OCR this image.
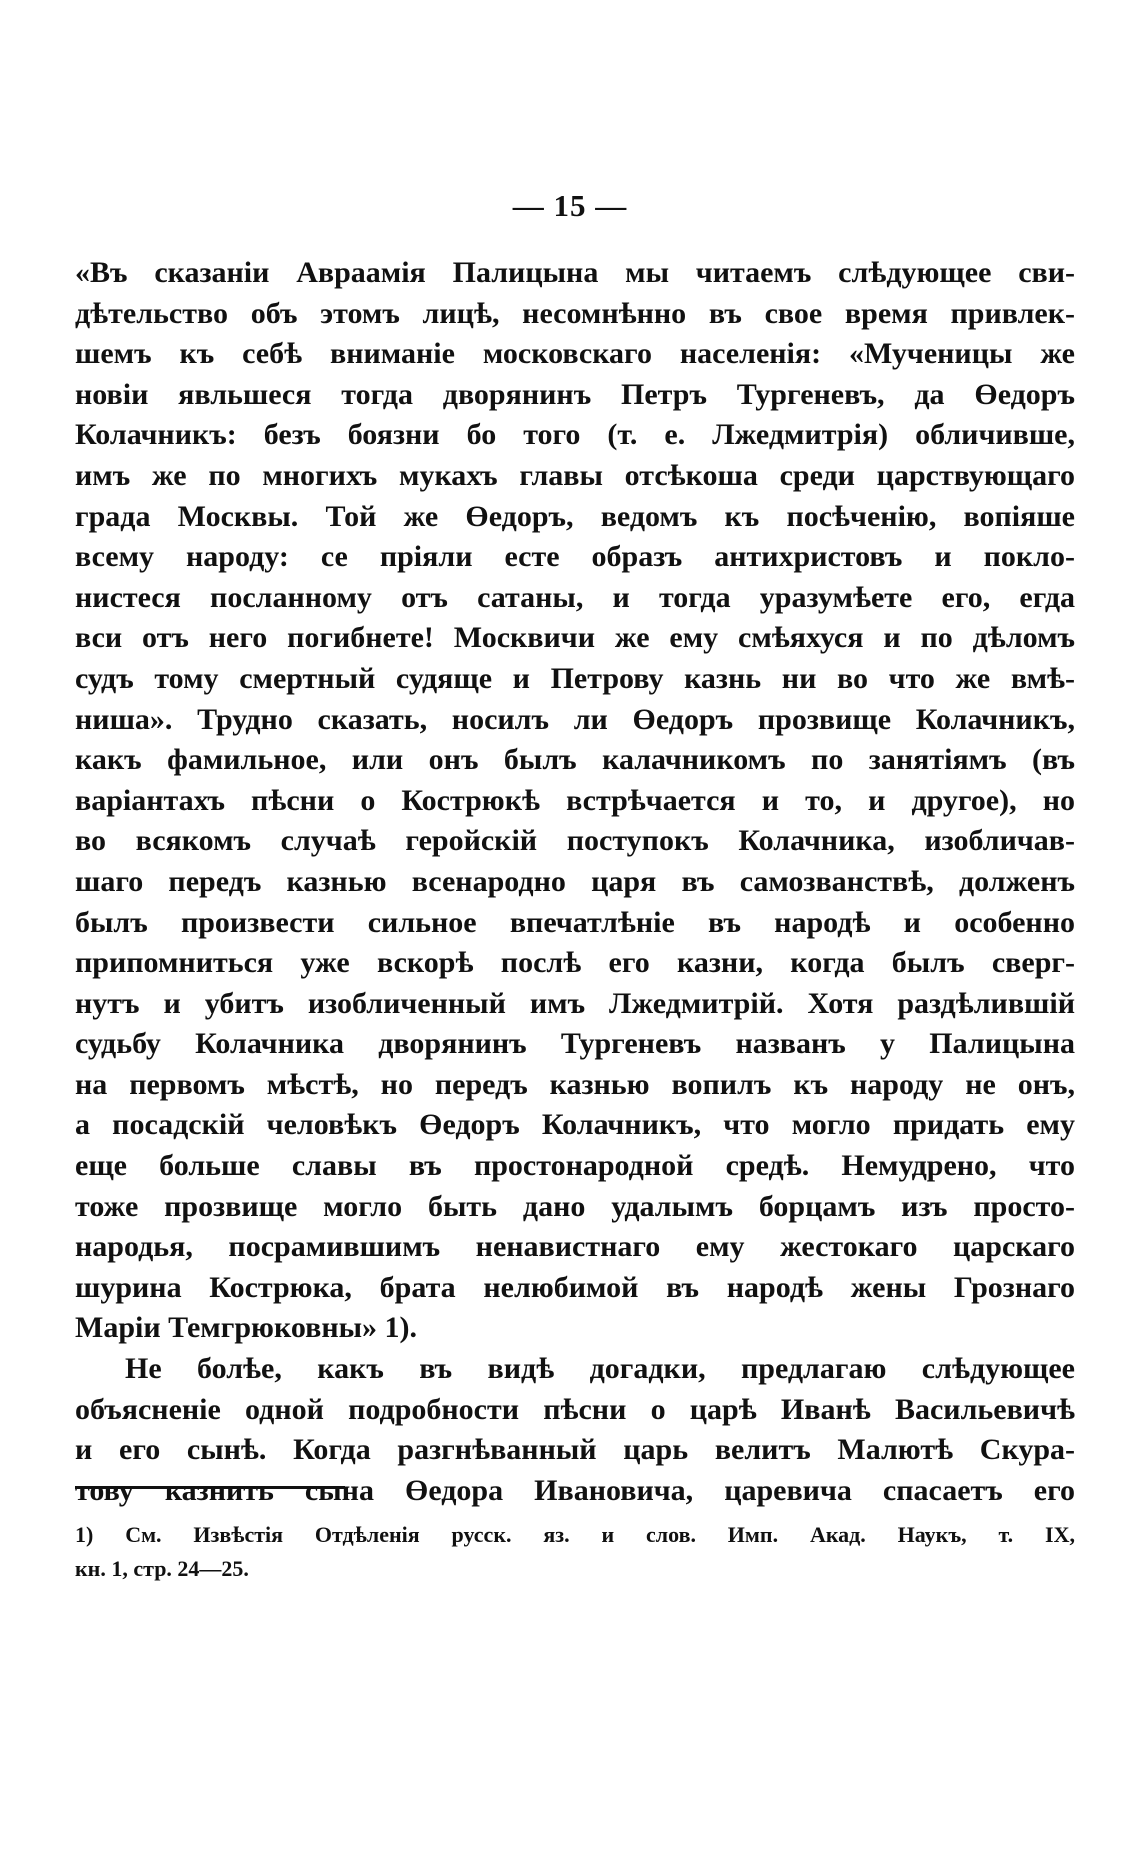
— 15 —
«Въ сказаніи Авраамія Палицына мы читаемъ слѣдующее сви-
дѣтельство объ этомъ лицѣ, несомнѣнно въ свое время привлек-
шемъ къ себѣ вниманіе московскаго населенія: «Мученицы же
новіи явльшеся тогда дворянинъ Петръ Тургеневъ, да Өедоръ
Колачникъ: безъ боязни бо того (т. е. Лжедмитрія) обличивше,
имъ же по многихъ мукахъ главы отсѣкоша среди царствующаго
града Москвы. Той же Өедоръ, ведомъ къ посѣченію, вопіяше
всему народу: се пріяли есте образъ антихристовъ и покло-
нистеся посланному отъ сатаны, и тогда уразумѣете его, егда
вси отъ него погибнете! Москвичи же ему смѣяхуся и по дѣломъ
судъ тому смертный судяще и Петрову казнь ни во что же вмѣ-
ниша». Трудно сказать, носилъ ли Өедоръ прозвище Колачникъ,
какъ фамильное, или онъ былъ калачникомъ по занятіямъ (въ
варіантахъ пѣсни о Кострюкѣ встрѣчается и то, и другое), но
во всякомъ случаѣ геройскій поступокъ Колачника, изобличав-
шаго передъ казнью всенародно царя въ самозванствѣ, долженъ
былъ произвести сильное впечатлѣніе въ народѣ и особенно
припомниться уже вскорѣ послѣ его казни, когда былъ сверг-
нутъ и убитъ изобличенный имъ Лжедмитрій. Хотя раздѣлившій
судьбу Колачника дворянинъ Тургеневъ названъ у Палицына
на первомъ мѣстѣ, но передъ казнью вопилъ къ народу не онъ,
а посадскій человѣкъ Өедоръ Колачникъ, что могло придать ему
еще больше славы въ простонародной средѣ. Немудрено, что
тоже прозвище могло быть дано удалымъ борцамъ изъ просто-
народья, посрамившимъ ненавистнаго ему жестокаго царскаго
шурина Кострюка, брата нелюбимой въ народѣ жены Грознаго
Маріи Темгрюковны» 1).
Не болѣе, какъ въ видѣ догадки, предлагаю слѣдующее
объясненіе одной подробности пѣсни о царѣ Иванѣ Васильевичѣ
и его сынѣ. Когда разгнѣванный царь велитъ Малютѣ Скура-
тову казнить сына Өедора Ивановича, царевича спасаетъ его
1) См. Извѣстія Отдѣленія русск. яз. и слов. Имп. Акад. Наукъ, т. IX,
кн. 1, стр. 24—25.
